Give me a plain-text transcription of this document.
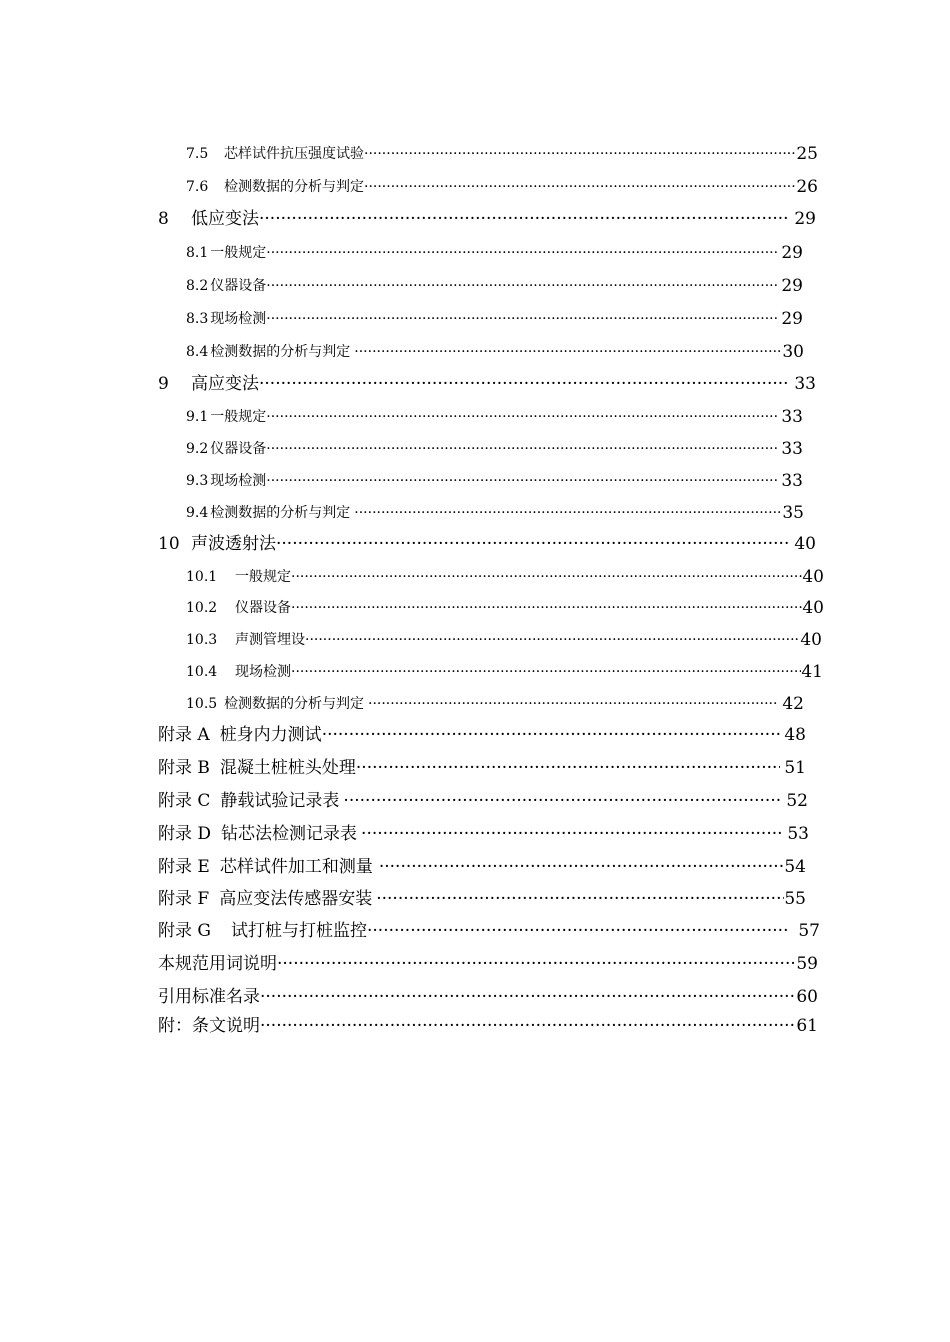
7.5	芯样试件抗压强度试验 ·····	25
7.6	检测数据的分析与判定 ·····	26
8	低应变法 ·····	29
8.1 一般规定 ·····	29
8.2 仪器设备 ·····	29
8.3 现场检测 ·····	29
8.4 检测数据的分析与判定 ·····	30
9	高应变法 ·····	33
9.1 一般规定 ·····	33
9.2 仪器设备 ·····	33
9.3 现场检测 ·····	33
9.4 检测数据的分析与判定 ·····	35
10 声波透射法 ·····	40
10.1	一般规定 ·····	40
10.2	仪器设备 ·····	40
10.3	声测管埋设 ·····	40
10.4	现场检测 ·····	41
10.5 检测数据的分析与判定 ·····	42
附录 A 桩身内力测试 ·····	48
附录 B 混凝土桩桩头处理 ·····	51
附录 C 静载试验记录表 ·····	52
附录 D 钻芯法检测记录表 ·····	53
附录 E 芯样试件加工和测量 ·····	54
附录 F 高应变法传感器安装 ·····	55
附录 G	试打桩与打桩监控 ·····	57
本规范用词说明 ·····	59
引用标准名录 ·····	60
附：条文说明 ·····	61
